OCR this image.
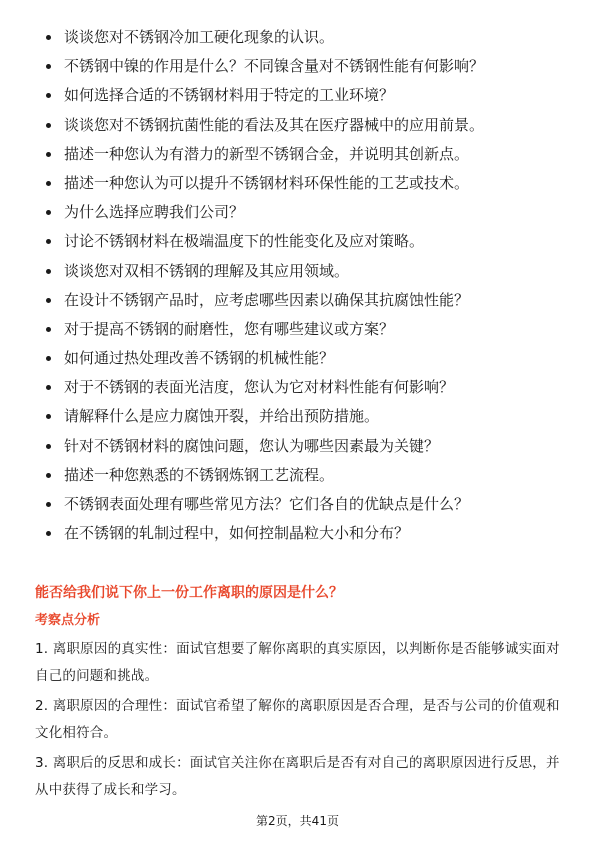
谈谈您对不锈钢冷加工硬化现象的认识。
不锈钢中镍的作用是什么？不同镍含量对不锈钢性能有何影响？
如何选择合适的不锈钢材料用于特定的工业环境？
谈谈您对不锈钢抗菌性能的看法及其在医疗器械中的应用前景。
描述一种您认为有潜力的新型不锈钢合金，并说明其创新点。
描述一种您认为可以提升不锈钢材料环保性能的工艺或技术。
为什么选择应聘我们公司？
讨论不锈钢材料在极端温度下的性能变化及应对策略。
谈谈您对双相不锈钢的理解及其应用领域。
在设计不锈钢产品时，应考虑哪些因素以确保其抗腐蚀性能？
对于提高不锈钢的耐磨性，您有哪些建议或方案？
如何通过热处理改善不锈钢的机械性能？
对于不锈钢的表面光洁度，您认为它对材料性能有何影响？
请解释什么是应力腐蚀开裂，并给出预防措施。
针对不锈钢材料的腐蚀问题，您认为哪些因素最为关键？
描述一种您熟悉的不锈钢炼钢工艺流程。
不锈钢表面处理有哪些常见方法？它们各自的优缺点是什么？
在不锈钢的轧制过程中，如何控制晶粒大小和分布？
能否给我们说下你上一份工作离职的原因是什么？
考察点分析
1. 离职原因的真实性：面试官想要了解你离职的真实原因，以判断你是否能够诚实面对自己的问题和挑战。
2. 离职原因的合理性：面试官希望了解你的离职原因是否合理，是否与公司的价值观和文化相符合。
3. 离职后的反思和成长：面试官关注你在离职后是否有对自己的离职原因进行反思，并从中获得了成长和学习。
第2页，共41页
